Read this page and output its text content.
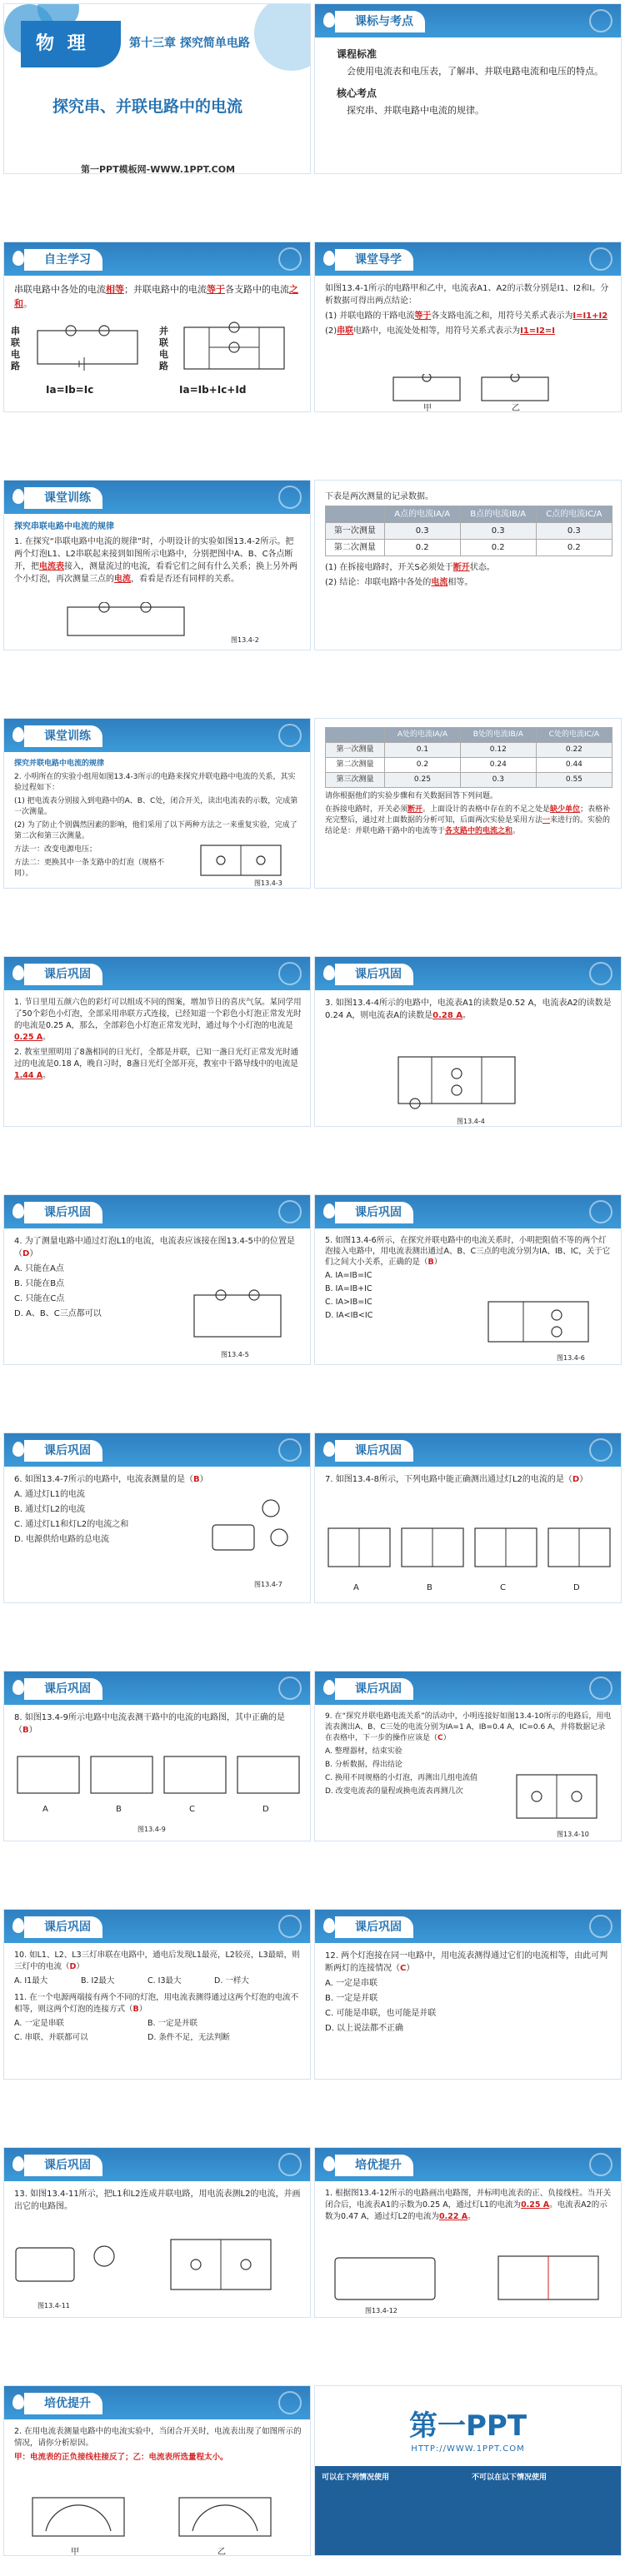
物 理	第十三章 探究简单电路
探究串、并联电路中的电流
第一PPT模板网-WWW.1PPT.COM
课标与考点

课程标准

会使用电流表和电压表，了解串、并联电路电流和电压的特点。

核心考点

探究串、并联电路中电流的规律。

自主学习

串联电路中各处的电流相等；并联电路中的电流等于各支路中的电流之和。

串联电路
并联电路
Ia=Ib=Ic	Ia=Ib+Ic+Id
课堂导学

如图13.4-1所示的电路甲和乙中，电流表A1、A2的示数分别是I1、I2和I。分析数据可得出两点结论：

(1) 并联电路的干路电流等于各支路电流之和，用符号关系式表示为I=I1+I2

(2)串联电路中，电流处处相等，用符号关系式表示为I1=I2=I

甲	乙
课堂训练

探究串联电路中电流的规律

1. 在探究“串联电路中电流的规律”时，小明设计的实验如图13.4-2所示。把两个灯泡L1、L2串联起来接到如图所示电路中，分别把图中A、B、C各点断开，把电流表接入，测量流过的电流，看看它们之间有什么关系；换上另外两个小灯泡，再次测量三点的电流，看看是否还有同样的关系。

图13.4-2

下表是两次测量的记录数据。

	A点的电流IA/A	B点的电流IB/A	C点的电流IC/A
第一次测量	0.3	0.3	0.3
第二次测量	0.2	0.2	0.2

(1) 在拆接电路时，开关S必须处于断开状态。

(2) 结论：串联电路中各处的电流相等。

课堂训练

探究并联电路中电流的规律

2. 小明所在的实验小组用如图13.4-3所示的电路来探究并联电路中电流的关系，其实验过程如下：

(1) 把电流表分别接入到电路中的A、B、C处，闭合开关，读出电流表的示数，完成第一次测量。

(2) 为了防止个别偶然因素的影响，他们采用了以下两种方法之一来重复实验，完成了第二次和第三次测量。

方法一：改变电源电压；

方法二：更换其中一条支路中的灯泡（规格不同）。

图13.4-3
	A处的电流IA/A	B处的电流IB/A	C处的电流IC/A
第一次测量	0.1	0.12	0.22
第二次测量	0.2	0.24	0.44
第三次测量	0.25	0.3	0.55

请你根据他们的实验步骤和有关数据回答下列问题。

在拆接电路时，开关必须断开。上面设计的表格中存在的不足之处是缺少单位；表格补充完整后，通过对上面数据的分析可知，后面两次实验是采用方法一来进行的。实验的结论是：并联电路干路中的电流等于各支路中的电流之和。

课后巩固

1. 节日里用五颜六色的彩灯可以组成不同的图案，增加节日的喜庆气氛。某同学用了50个彩色小灯泡，全部采用串联方式连接，已经知道一个彩色小灯泡正常发光时的电流是0.25 A，那么，全部彩色小灯泡正常发光时，通过每个小灯泡的电流是0.25 A。

2. 教室里照明用了8盏相同的日光灯，全都是并联，已知一盏日光灯正常发光时通过的电流是0.18 A，晚自习时，8盏日光灯全部开亮，教室中干路导线中的电流是1.44 A。

课后巩固

3. 如图13.4-4所示的电路中，电流表A1的读数是0.52 A，电流表A2的读数是0.24 A，则电流表A的读数是0.28 A。

图13.4-4
课后巩固

4. 为了测量电路中通过灯泡L1的电流，电流表应该接在图13.4-5中的位置是（D）

A. 只能在A点

B. 只能在B点

C. 只能在C点

D. A、B、C三点都可以

图13.4-5
课后巩固

5. 如图13.4-6所示，在探究并联电路中的电流关系时，小明把阻值不等的两个灯泡接入电路中，用电流表测出通过A、B、C三点的电流分别为IA、IB、IC，关于它们之间大小关系，正确的是（B）

A. IA=IB=IC

B. IA=IB+IC

C. IA>IB=IC

D. IA<IB<IC

图13.4-6
课后巩固

6. 如图13.4-7所示的电路中，电流表测量的是（B）

A. 通过灯L1的电流

B. 通过灯L2的电流

C. 通过灯L1和灯L2的电流之和

D. 电源供给电路的总电流

图13.4-7
课后巩固

7. 如图13.4-8所示，下列电路中能正确测出通过灯L2的电流的是（D）

A	B	C	D
课后巩固

8. 如图13.4-9所示电路中电流表测干路中的电流的电路图，其中正确的是（B）

A	B	C	D
图13.4-9
课后巩固

9. 在“探究并联电路电流关系”的活动中，小明连接好如图13.4-10所示的电路后，用电流表测出A、B、C三处的电流分别为IA=1 A，IB=0.4 A，IC=0.6 A，并将数据记录在表格中，下一步的操作应该是（C）

A. 整理器材，结束实验

B. 分析数据，得出结论

C. 换用不同规格的小灯泡，再测出几组电流值

D. 改变电流表的量程或换电流表再测几次

图13.4-10
课后巩固

10. 如L1、L2、L3三灯串联在电路中，通电后发现L1最亮，L2较亮，L3最暗，则三灯中的电流（D）

A. I1最大	B. I2最大	C. I3最大	D. 一样大

11. 在一个电源两端接有两个不同的灯泡，用电流表测得通过这两个灯泡的电流不相等，则这两个灯泡的连接方式（B）

A. 一定是串联	B. 一定是并联

C. 串联、并联都可以	D. 条件不足，无法判断

课后巩固

12. 两个灯泡接在同一电路中，用电流表测得通过它们的电流相等，由此可判断两灯的连接情况（C）

A. 一定是串联

B. 一定是并联

C. 可能是串联，也可能是并联

D. 以上说法都不正确

课后巩固

13. 如图13.4-11所示，把L1和L2连成并联电路，用电流表测L2的电流，并画出它的电路图。

图13.4-11
培优提升

1. 根据图13.4-12所示的电路画出电路图，并标明电流表的正、负接线柱。当开关闭合后，电流表A1的示数为0.25 A，通过灯L1的电流为0.25 A。电流表A2的示数为0.47 A，通过灯L2的电流为0.22 A。

图13.4-12
培优提升

2. 在用电流表测量电路中的电流实验中，当闭合开关时，电流表出现了如图所示的情况，请你分析原因。

甲：电流表的正负接线柱接反了；乙：电流表所选量程太小。

甲	乙
第一PPT
HTTP://WWW.1PPT.COM
可以在下列情况使用	不可以在以下情况使用
